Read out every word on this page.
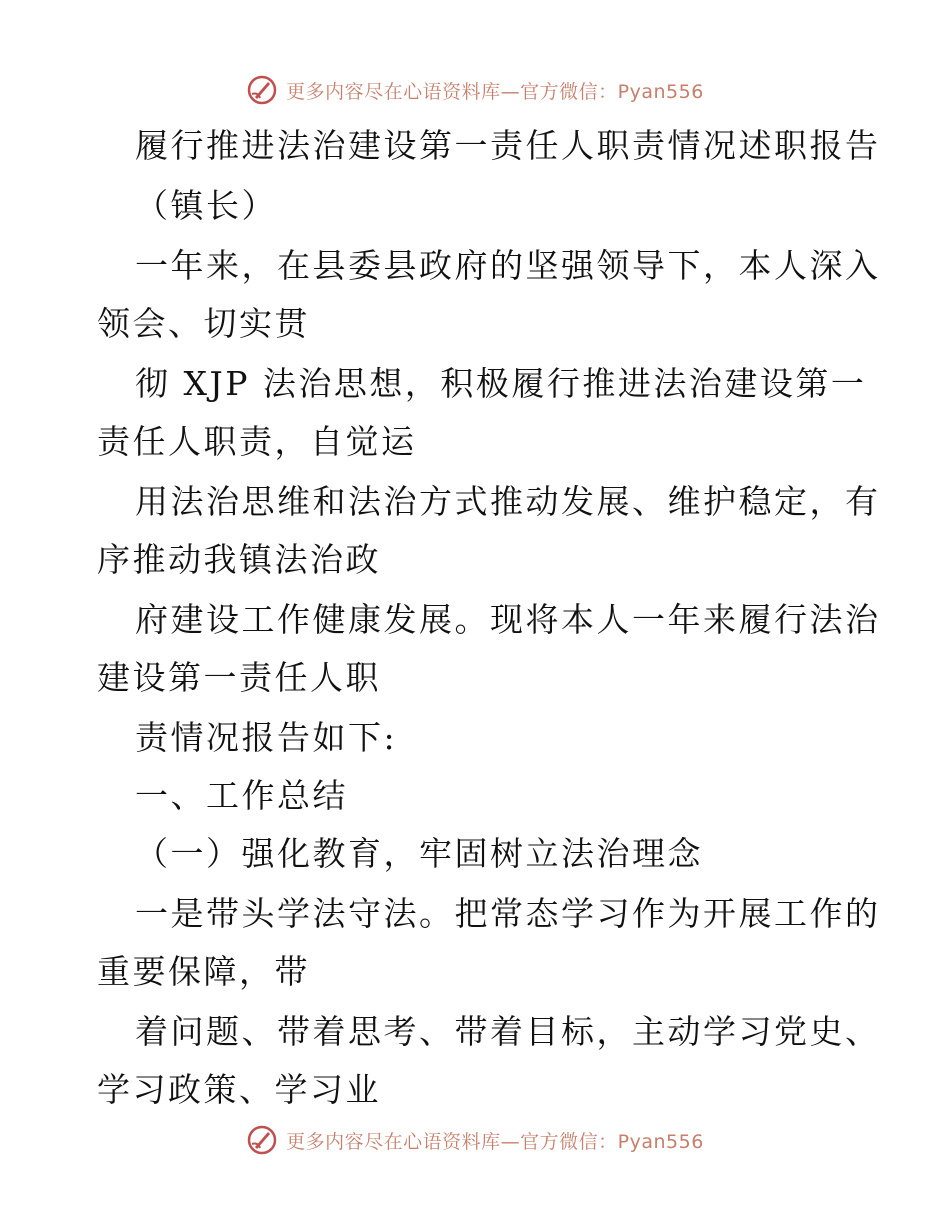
更多内容尽在心语资料库—官方微信：Pyan556
履行推进法治建设第一责任人职责情况述职报告
（镇长）
一年来，在县委县政府的坚强领导下，本人深入
领会、切实贯
彻 XJP 法治思想，积极履行推进法治建设第一
责任人职责，自觉运
用法治思维和法治方式推动发展、维护稳定，有
序推动我镇法治政
府建设工作健康发展。现将本人一年来履行法治
建设第一责任人职
责情况报告如下:
一、工作总结
（一）强化教育，牢固树立法治理念
一是带头学法守法。把常态学习作为开展工作的
重要保障，带
着问题、带着思考、带着目标，主动学习党史、
学习政策、学习业
更多内容尽在心语资料库—官方微信：Pyan556
